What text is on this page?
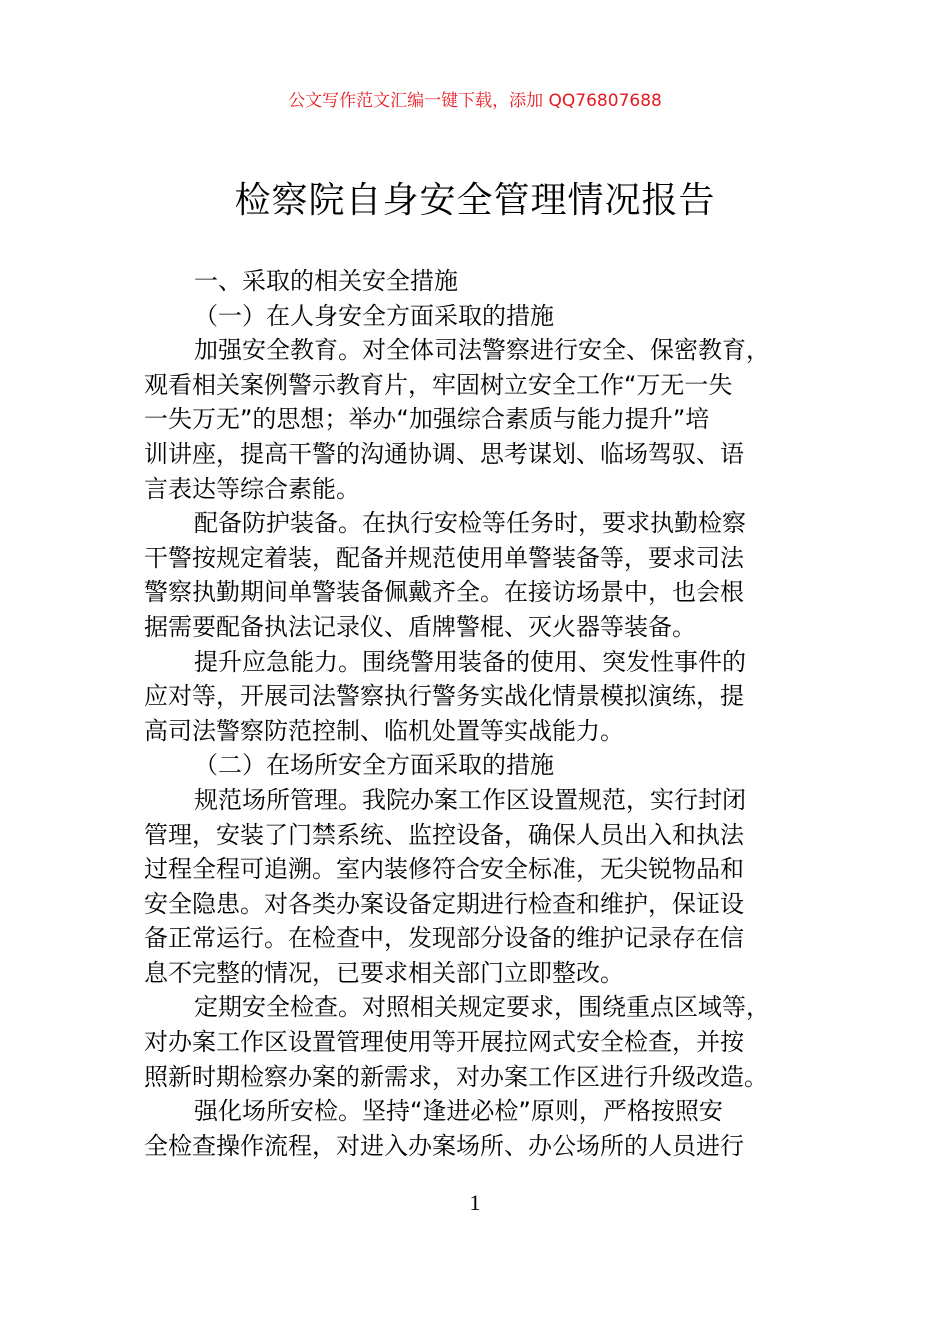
公文写作范文汇编一键下载，添加 QQ76807688
检察院自身安全管理情况报告
一、采取的相关安全措施
（一）在人身安全方面采取的措施
加强安全教育。对全体司法警察进行安全、保密教育，
观看相关案例警示教育片，牢固树立安全工作“万无一失
一失万无”的思想；举办“加强综合素质与能力提升”培
训讲座，提高干警的沟通协调、思考谋划、临场驾驭、语
言表达等综合素能。
配备防护装备。在执行安检等任务时，要求执勤检察
干警按规定着装，配备并规范使用单警装备等，要求司法
警察执勤期间单警装备佩戴齐全。在接访场景中，也会根
据需要配备执法记录仪、盾牌警棍、灭火器等装备。
提升应急能力。围绕警用装备的使用、突发性事件的
应对等，开展司法警察执行警务实战化情景模拟演练，提
高司法警察防范控制、临机处置等实战能力。
（二）在场所安全方面采取的措施
规范场所管理。我院办案工作区设置规范，实行封闭
管理，安装了门禁系统、监控设备，确保人员出入和执法
过程全程可追溯。室内装修符合安全标准，无尖锐物品和
安全隐患。对各类办案设备定期进行检查和维护，保证设
备正常运行。在检查中，发现部分设备的维护记录存在信
息不完整的情况，已要求相关部门立即整改。
定期安全检查。对照相关规定要求，围绕重点区域等，
对办案工作区设置管理使用等开展拉网式安全检查，并按
照新时期检察办案的新需求，对办案工作区进行升级改造。
强化场所安检。坚持“逢进必检”原则，严格按照安
全检查操作流程，对进入办案场所、办公场所的人员进行
1
